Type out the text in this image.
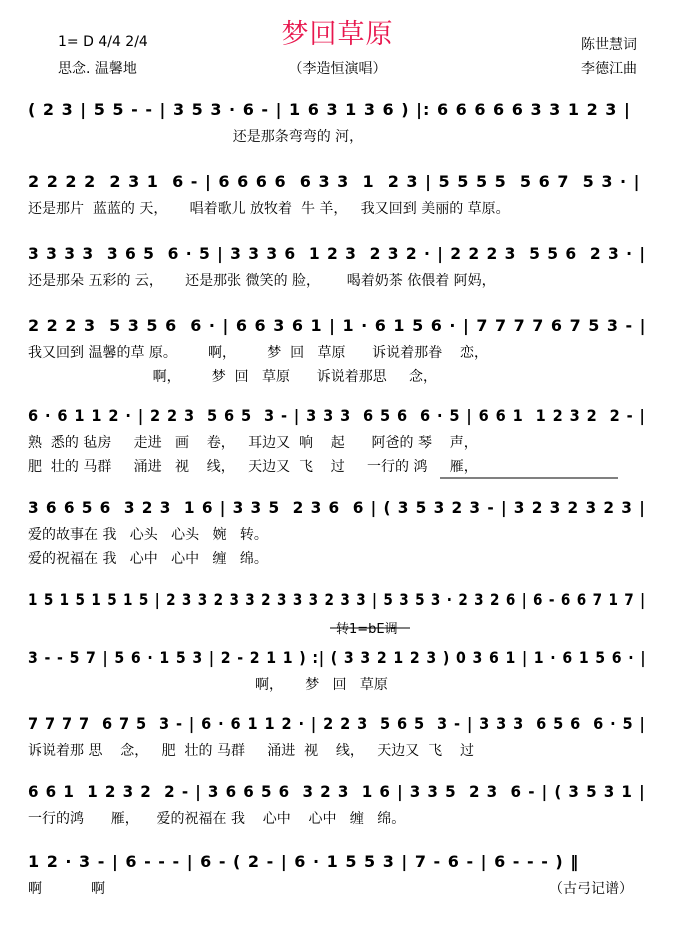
梦回草原
（李造恒演唱）
1= D 4/4 2/4
思念. 温馨地
陈世慧词
李德江曲
( 2 3 | 5 5 - - | 3 5 3 · 6 - | 1 6 3 1 3 6 ) |: 6 6 6 6 6 3 3 1 2 3 |
还是那条弯弯的 河，
2 2 2 2  2 3 1  6 - | 6 6 6 6  6 3 3  1  2 3 | 5 5 5 5  5 6 7  5 3 · |
还是那片  蓝蓝的 天，     唱着歌儿 放牧着  牛 羊，   我又回到 美丽的 草原。
3 3 3 3  3 6 5  6 · 5 | 3 3 3 6  1 2 3  2 3 2 · | 2 2 2 3  5 5 6  2 3 · |
还是那朵 五彩的 云，     还是那张 微笑的 脸，      喝着奶茶 依偎着 阿妈，
2 2 2 3  5 3 5 6  6 · | 6 6 3 6 1 | 1 · 6 1 5 6 · | 7 7 7 7 6 7 5 3 - |
我又回到 温馨的草 原。       啊，       梦  回   草原      诉说着那眷    恋，
啊，       梦  回   草原      诉说着那思     念，
6 · 6 1 1 2 · | 2 2 3  5 6 5  3 - | 3 3 3  6 5 6  6 · 5 | 6 6 1  1 2 3 2  2 - |
熟  悉的 毡房     走进   画    卷，   耳边又  响    起      阿爸的 琴    声，
肥  壮的 马群     涌进   视    线，   天边又  飞    过     一行的 鸿     雁，
3 6 6 5 6  3 2 3  1 6 | 3 3 5  2 3 6  6 | ( 3 5 3 2 3 - | 3 2 3 2 3 2 3 |
爱的故事在 我   心头   心头   婉   转。
爱的祝福在 我   心中   心中   缠   绵。
1 5 1 5 1 5 1 5 | 2 3 3 2 3 3 2 3 3 3 2 3 3 | 5 3 5 3 · 2 3 2 6 | 6 - 6 6 7 1 7 |
转1=bE调
3 - - 5 7 | 5 6 · 1 5 3 | 2 - 2 1 1 ) :| ( 3 3 2 1 2 3 ) 0 3 6 1 | 1 · 6 1 5 6 · |
啊，     梦   回   草原
7 7 7 7  6 7 5  3 - | 6 · 6 1 1 2 · | 2 2 3  5 6 5  3 - | 3 3 3  6 5 6  6 · 5 |
诉说着那 思    念，   肥  壮的 马群     涌进  视    线，   天边又  飞    过
6 6 1  1 2 3 2  2 - | 3 6 6 5 6  3 2 3  1 6 | 3 3 5  2 3  6 - | ( 3 5 3 1 |
一行的鸿      雁，    爱的祝福在 我    心中    心中   缠   绵。
1 2 · 3 - | 6 - - - | 6 - ( 2 - | 6 · 1 5 5 3 | 7 - 6 - | 6 - - - ) ‖
啊           啊	（古弓记谱）
